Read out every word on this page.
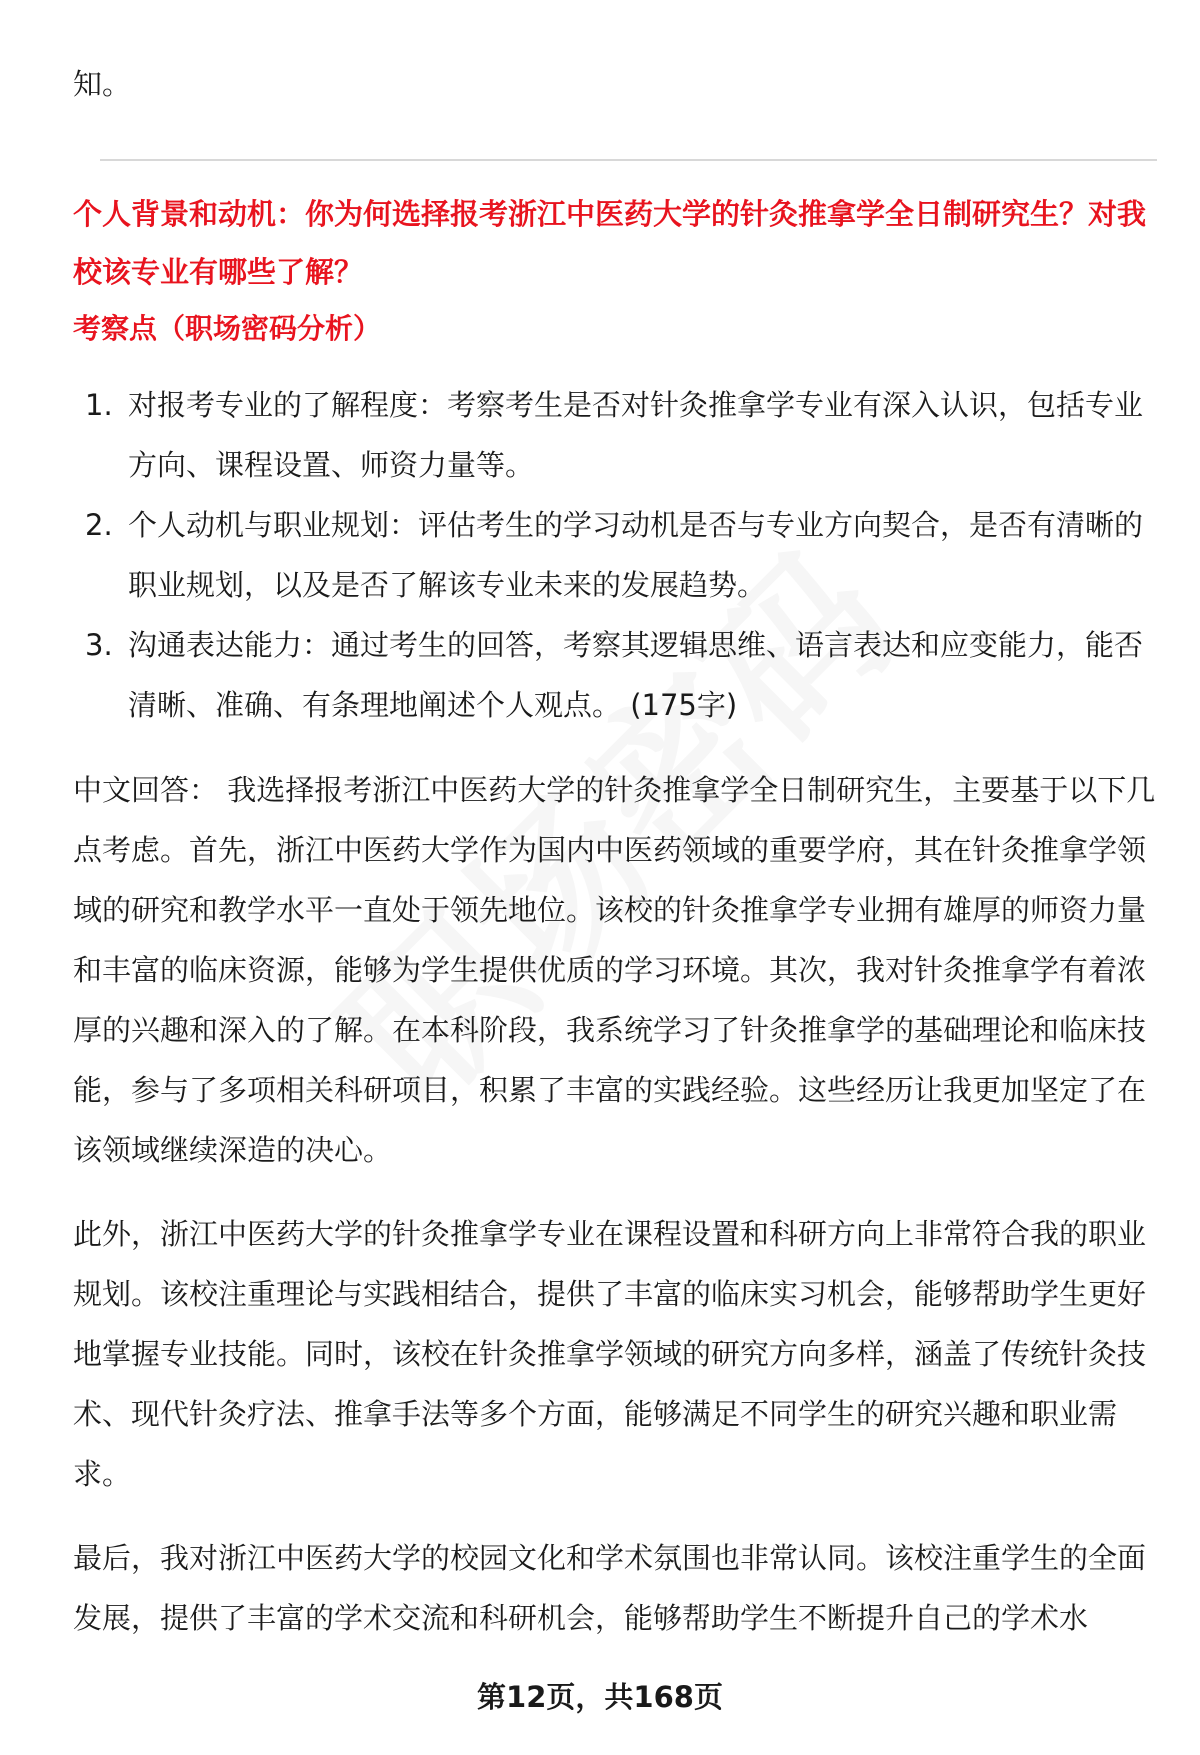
知。
个人背景和动机：你为何选择报考浙江中医药大学的针灸推拿学全日制研究生？对我校该专业有哪些了解？
考察点（职场密码分析）
1. 对报考专业的了解程度：考察考生是否对针灸推拿学专业有深入认识，包括专业方向、课程设置、师资力量等。
2. 个人动机与职业规划：评估考生的学习动机是否与专业方向契合，是否有清晰的职业规划，以及是否了解该专业未来的发展趋势。
3. 沟通表达能力：通过考生的回答，考察其逻辑思维、语言表达和应变能力，能否清晰、准确、有条理地阐述个人观点。 (175字)

中文回答： 我选择报考浙江中医药大学的针灸推拿学全日制研究生，主要基于以下几点考虑。首先，浙江中医药大学作为国内中医药领域的重要学府，其在针灸推拿学领域的研究和教学水平一直处于领先地位。该校的针灸推拿学专业拥有雄厚的师资力量和丰富的临床资源，能够为学生提供优质的学习环境。其次，我对针灸推拿学有着浓厚的兴趣和深入的了解。在本科阶段，我系统学习了针灸推拿学的基础理论和临床技能，参与了多项相关科研项目，积累了丰富的实践经验。这些经历让我更加坚定了在该领域继续深造的决心。

此外，浙江中医药大学的针灸推拿学专业在课程设置和科研方向上非常符合我的职业规划。该校注重理论与实践相结合，提供了丰富的临床实习机会，能够帮助学生更好地掌握专业技能。同时，该校在针灸推拿学领域的研究方向多样，涵盖了传统针灸技术、现代针灸疗法、推拿手法等多个方面，能够满足不同学生的研究兴趣和职业需求。

最后，我对浙江中医药大学的校园文化和学术氛围也非常认同。该校注重学生的全面发展，提供了丰富的学术交流和科研机会，能够帮助学生不断提升自己的学术水

第12页，共168页
